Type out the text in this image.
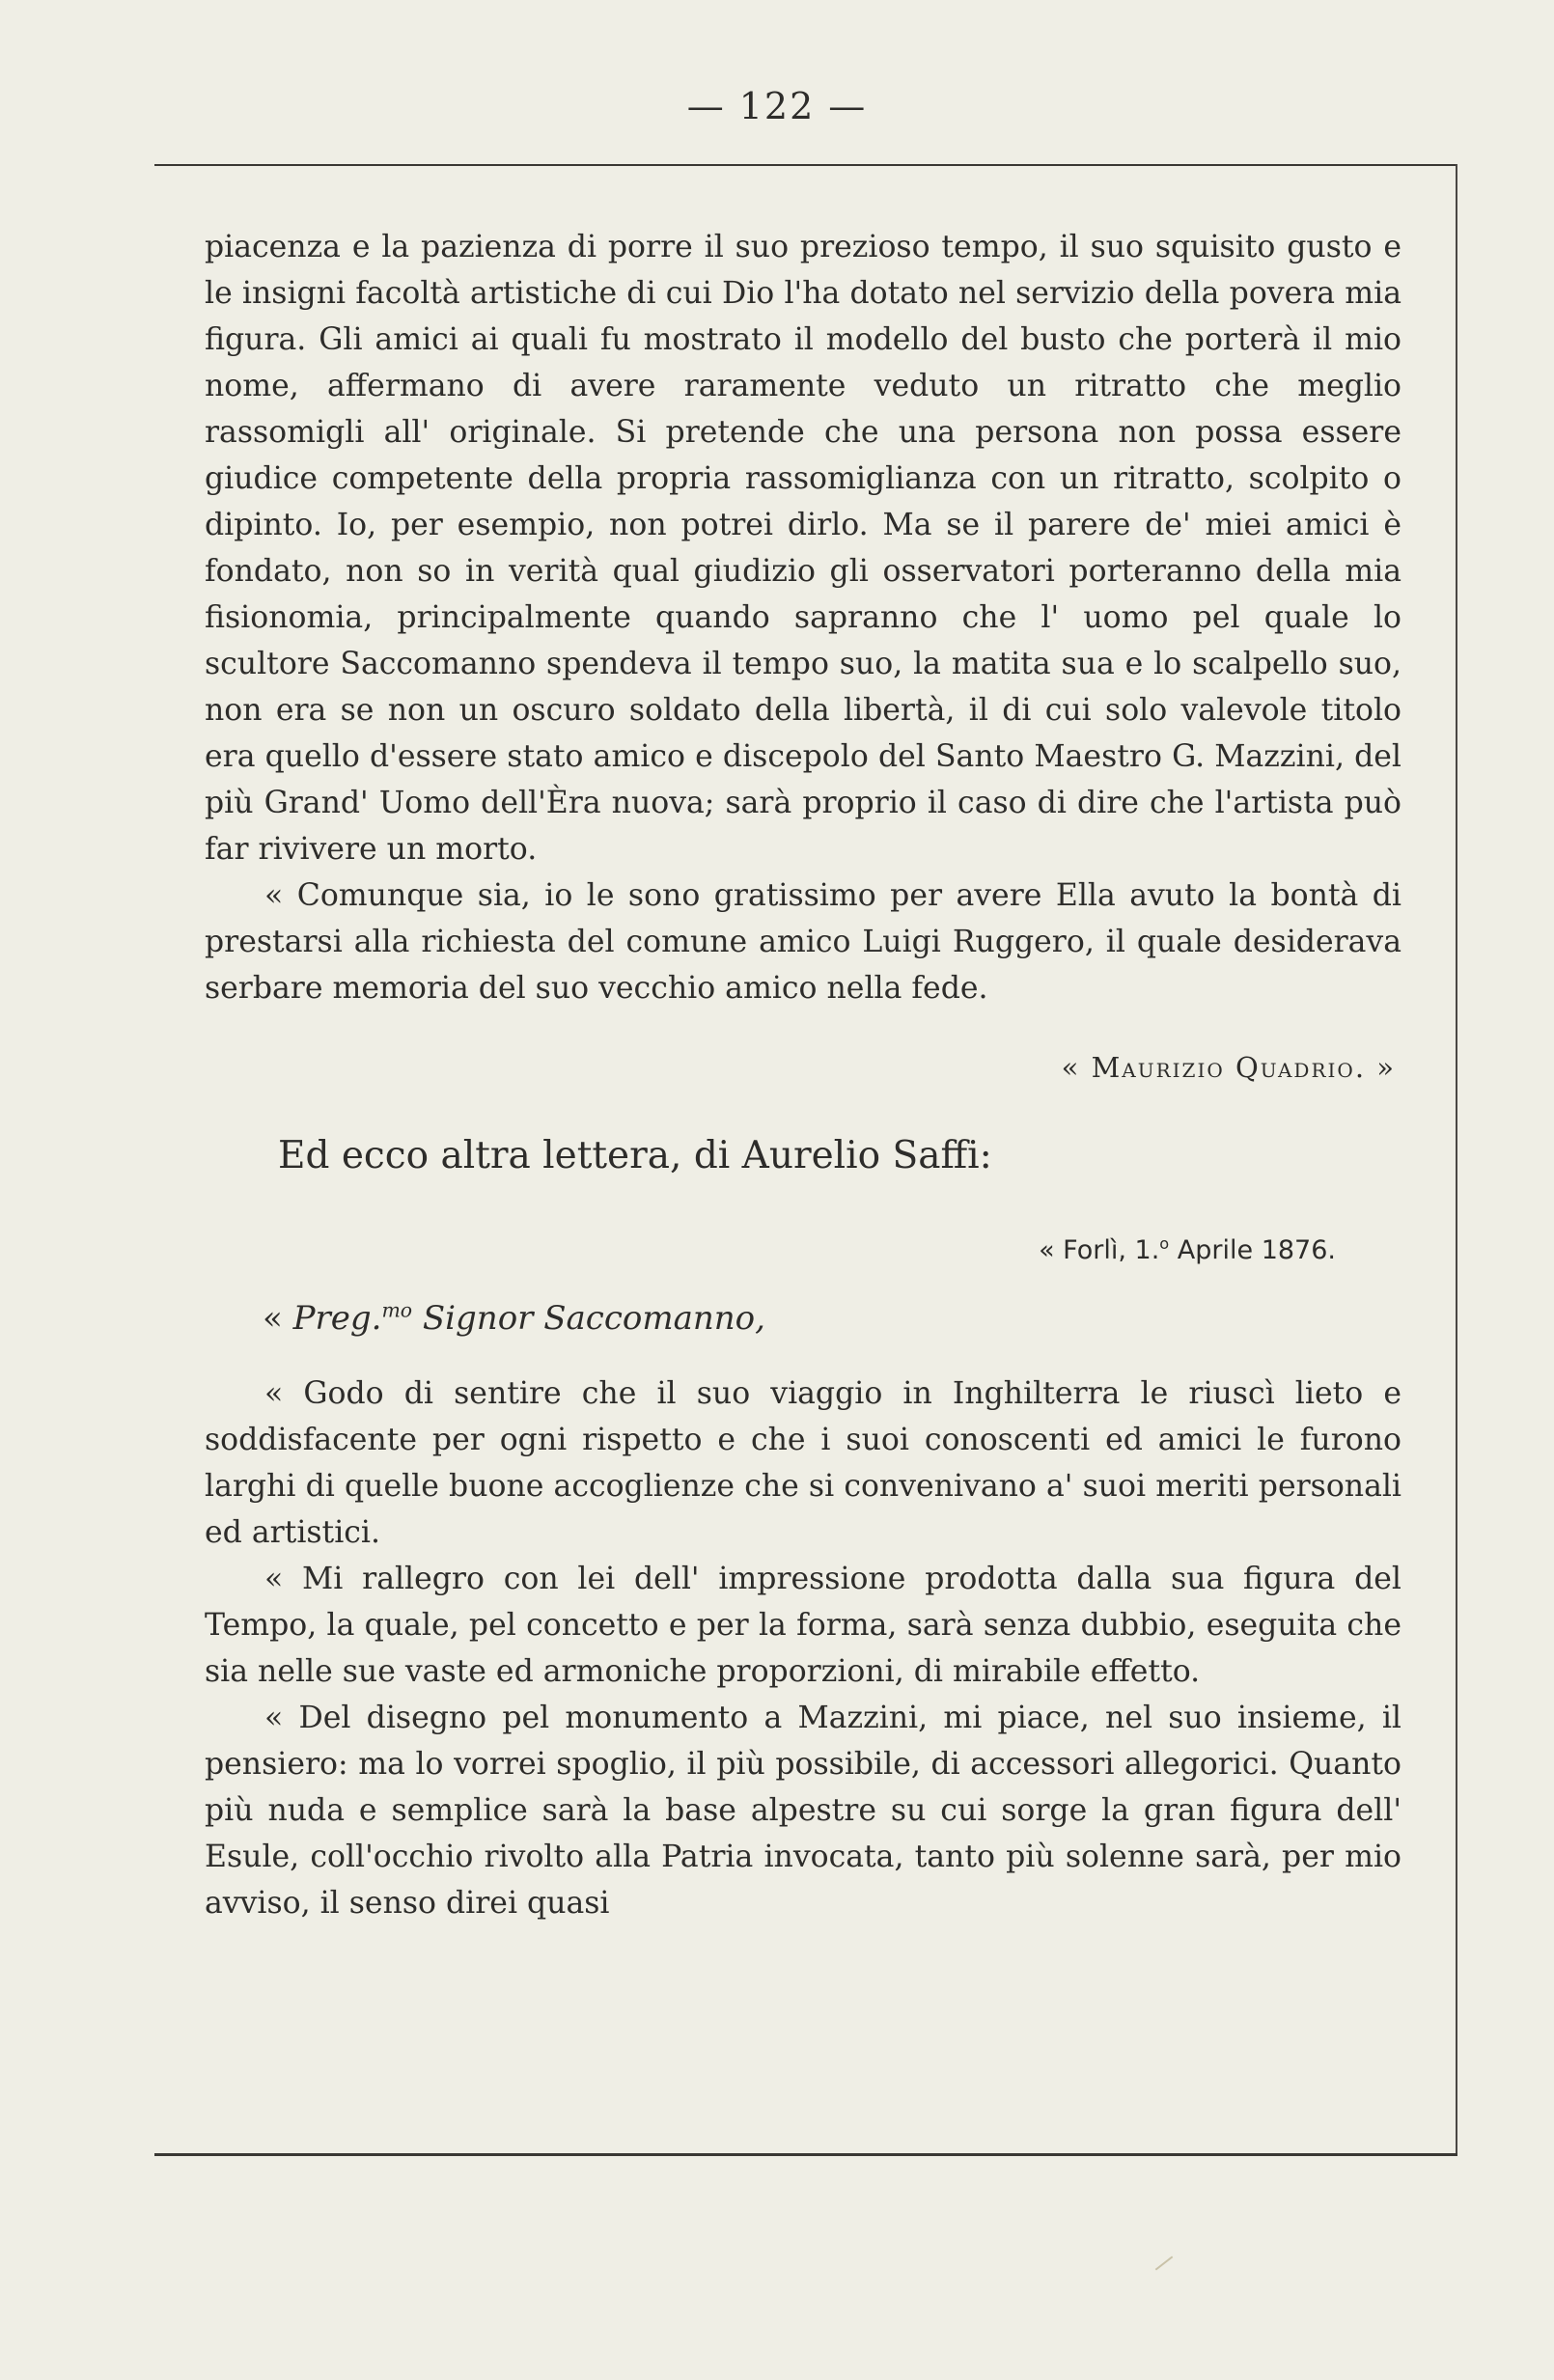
— 122 —

piacenza e la pazienza di porre il suo prezioso tempo, il suo squisito gusto e le insigni facoltà artistiche di cui Dio l'ha dotato nel servizio della povera mia figura. Gli amici ai quali fu mostrato il modello del busto che porterà il mio nome, affermano di avere raramente veduto un ritratto che meglio rassomigli all' originale. Si pretende che una persona non possa essere giudice competente della propria rassomiglianza con un ritratto, scolpito o dipinto. Io, per esempio, non potrei dirlo. Ma se il parere de' miei amici è fondato, non so in verità qual giudizio gli osservatori porteranno della mia fisionomia, principalmente quando sapranno che l' uomo pel quale lo scultore Saccomanno spendeva il tempo suo, la matita sua e lo scalpello suo, non era se non un oscuro soldato della libertà, il di cui solo valevole titolo era quello d'essere stato amico e discepolo del Santo Maestro G. Mazzini, del più Grand' Uomo dell'Èra nuova; sarà proprio il caso di dire che l'artista può far rivivere un morto.

« Comunque sia, io le sono gratissimo per avere Ella avuto la bontà di prestarsi alla richiesta del comune amico Luigi Ruggero, il quale desiderava serbare memoria del suo vecchio amico nella fede.

« Maurizio Quadrio. »

Ed ecco altra lettera, di Aurelio Saffi:

« Forlì, 1.$^o$ Aprile 1876.

« Preg.$^{mo}$ Signor Saccomanno,

« Godo di sentire che il suo viaggio in Inghilterra le riuscì lieto e soddisfacente per ogni rispetto e che i suoi conoscenti ed amici le furono larghi di quelle buone accoglienze che si convenivano a' suoi meriti personali ed artistici.

« Mi rallegro con lei dell' impressione prodotta dalla sua figura del Tempo, la quale, pel concetto e per la forma, sarà senza dubbio, eseguita che sia nelle sue vaste ed armoniche proporzioni, di mirabile effetto.

« Del disegno pel monumento a Mazzini, mi piace, nel suo insieme, il pensiero: ma lo vorrei spoglio, il più possibile, di accessori allegorici. Quanto più nuda e semplice sarà la base alpestre su cui sorge la gran figura dell' Esule, coll'occhio rivolto alla Patria invocata, tanto più solenne sarà, per mio avviso, il senso direi quasi
